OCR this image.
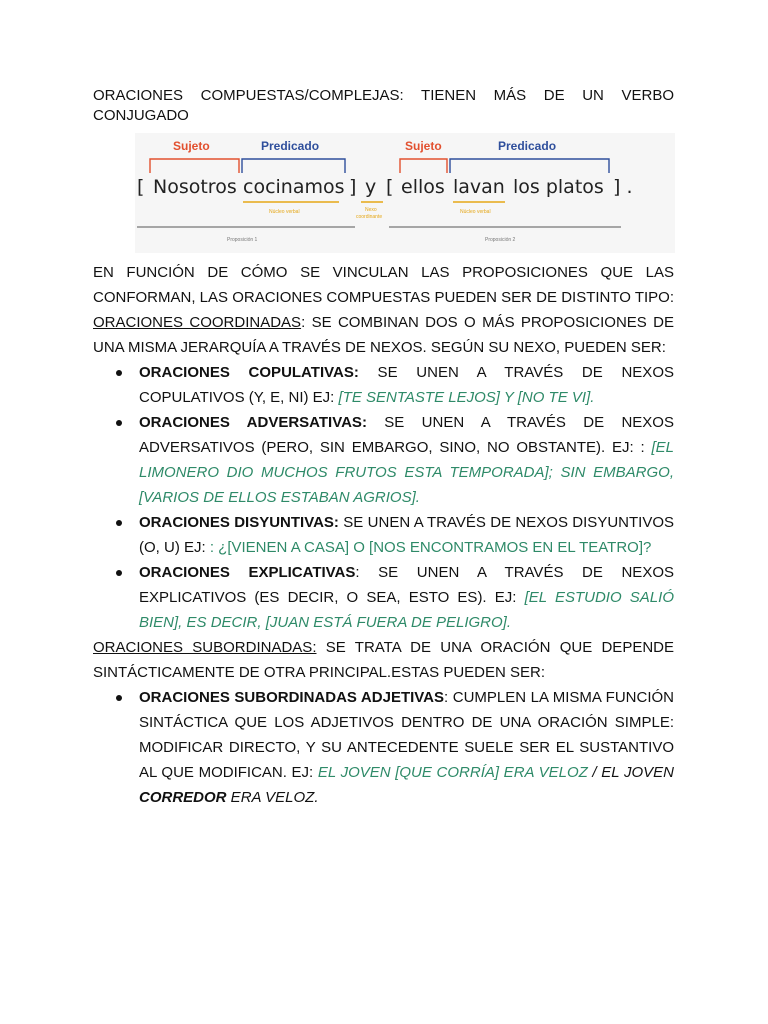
ORACIONES COMPUESTAS/COMPLEJAS: TIENEN MÁS DE UN VERBO CONJUGADO
Sujeto	Predicado	Sujeto	Predicado
[ Nosotros cocinamos ] y [ ellos lavan los platos ] .
Núcleo verbal	Nexo
coordinante
Núcleo verbal
Proposición 1	Proposición 2
EN FUNCIÓN DE CÓMO SE VINCULAN LAS PROPOSICIONES QUE LAS CONFORMAN, LAS ORACIONES COMPUESTAS PUEDEN SER DE DISTINTO TIPO:
ORACIONES COORDINADAS: SE COMBINAN DOS O MÁS PROPOSICIONES DE UNA MISMA JERARQUÍA A TRAVÉS DE NEXOS. SEGÚN SU NEXO, PUEDEN SER:
ORACIONES COPULATIVAS: SE UNEN A TRAVÉS DE NEXOS COPULATIVOS (Y, E, NI) EJ: [TE SENTASTE LEJOS] Y [NO TE VI].
ORACIONES ADVERSATIVAS: SE UNEN A TRAVÉS DE NEXOS ADVERSATIVOS (PERO, SIN EMBARGO, SINO, NO OBSTANTE). EJ: : [EL LIMONERO DIO MUCHOS FRUTOS ESTA TEMPORADA]; SIN EMBARGO, [VARIOS DE ELLOS ESTABAN AGRIOS].
ORACIONES DISYUNTIVAS: SE UNEN A TRAVÉS DE NEXOS DISYUNTIVOS (O, U) EJ: : ¿[VIENEN A CASA] O [NOS ENCONTRAMOS EN EL TEATRO]?
ORACIONES EXPLICATIVAS: SE UNEN A TRAVÉS DE NEXOS EXPLICATIVOS (ES DECIR, O SEA, ESTO ES). EJ: [EL ESTUDIO SALIÓ BIEN], ES DECIR, [JUAN ESTÁ FUERA DE PELIGRO].
ORACIONES SUBORDINADAS: SE TRATA DE UNA ORACIÓN QUE DEPENDE SINTÁCTICAMENTE DE OTRA PRINCIPAL.ESTAS PUEDEN SER:
ORACIONES SUBORDINADAS ADJETIVAS: CUMPLEN LA MISMA FUNCIÓN SINTÁCTICA QUE LOS ADJETIVOS DENTRO DE UNA ORACIÓN SIMPLE: MODIFICAR DIRECTO, Y SU ANTECEDENTE SUELE SER EL SUSTANTIVO AL QUE MODIFICAN. EJ: EL JOVEN [QUE CORRÍA] ERA VELOZ / EL JOVEN CORREDOR ERA VELOZ.
